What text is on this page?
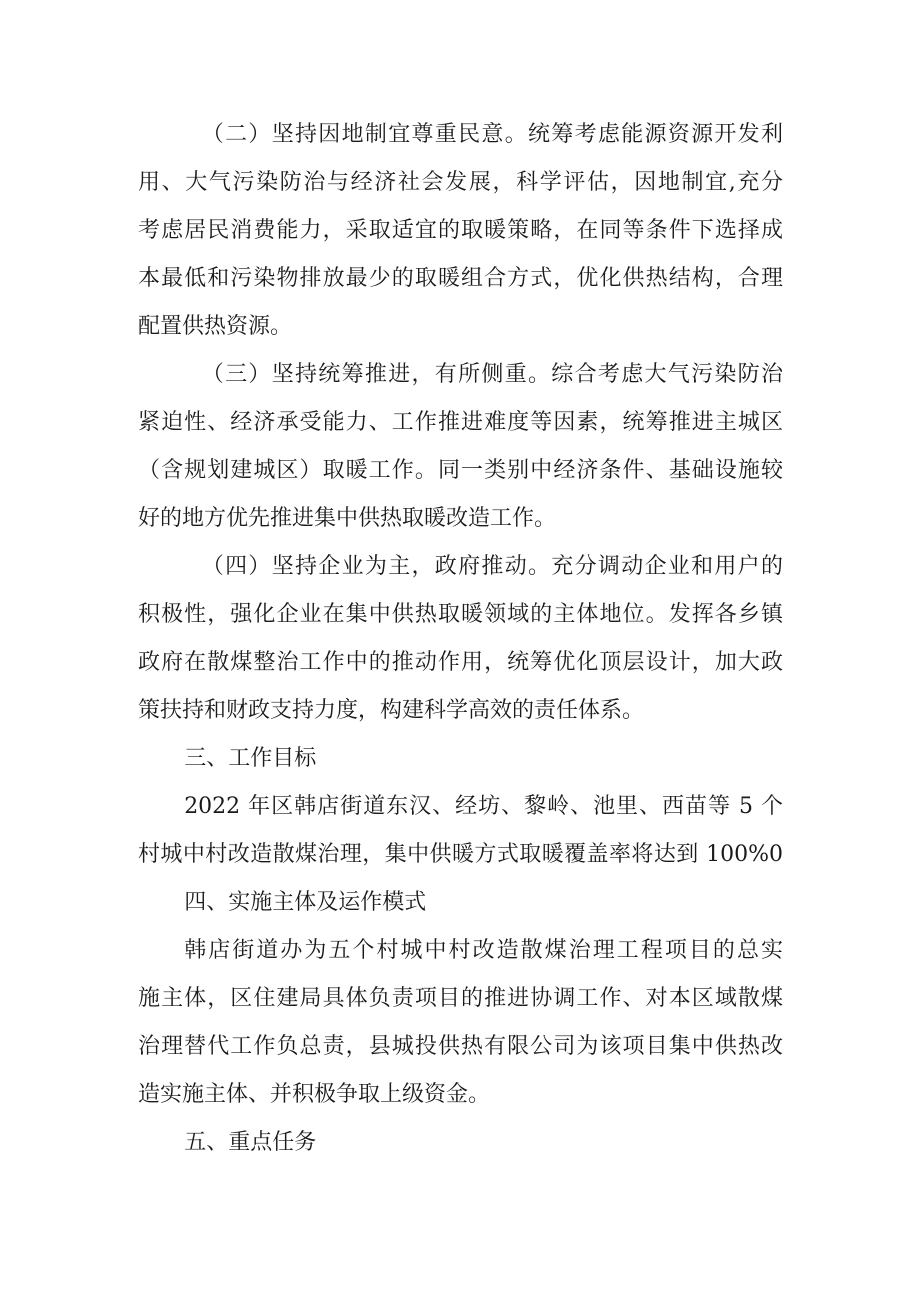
（二）坚持因地制宜尊重民意。统筹考虑能源资源开发利
用、大气污染防治与经济社会发展，科学评估，因地制宜,充分
考虑居民消费能力，采取适宜的取暖策略，在同等条件下选择成
本最低和污染物排放最少的取暖组合方式，优化供热结构，合理
配置供热资源。
（三）坚持统筹推进，有所侧重。综合考虑大气污染防治
紧迫性、经济承受能力、工作推进难度等因素，统筹推进主城区
（含规划建城区）取暖工作。同一类别中经济条件、基础设施较
好的地方优先推进集中供热取暖改造工作。
（四）坚持企业为主，政府推动。充分调动企业和用户的
积极性，强化企业在集中供热取暖领域的主体地位。发挥各乡镇
政府在散煤整治工作中的推动作用，统筹优化顶层设计，加大政
策扶持和财政支持力度，构建科学高效的责任体系。
三、工作目标
2022 年区韩店街道东汉、经坊、黎岭、池里、西苗等 5 个
村城中村改造散煤治理，集中供暖方式取暖覆盖率将达到 100%0
四、实施主体及运作模式
韩店街道办为五个村城中村改造散煤治理工程项目的总实
施主体，区住建局具体负责项目的推进协调工作、对本区域散煤
治理替代工作负总责，县城投供热有限公司为该项目集中供热改
造实施主体、并积极争取上级资金。
五、重点任务
